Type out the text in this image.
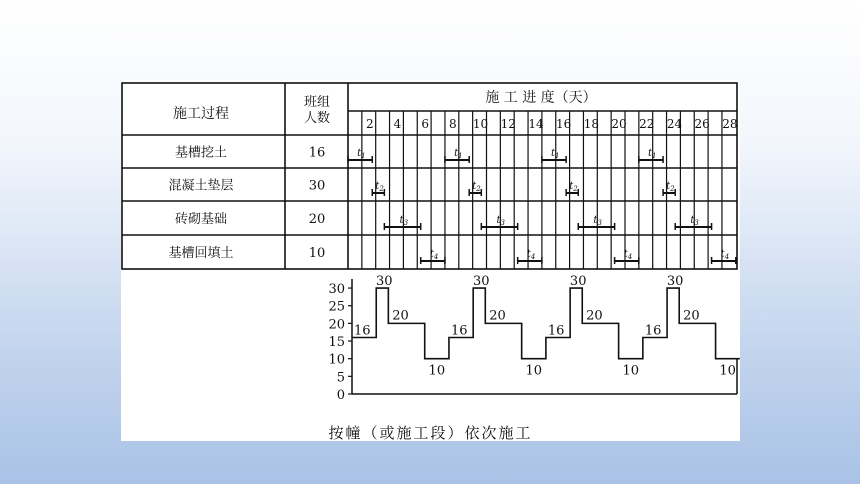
施工过程
班组
人数
施 工 进 度（天）
2 4 6 8 10 12 14 16 18 20 22 24 26 28
基槽挖土	16
混凝土垫层	30
砖砌基础	20
基槽回填土	10
$t_1$	$t_1$	$t_1$	$t_1$
$t_2$	$t_2$	$t_2$	$t_2$
$t_3$	$t_3$	$t_3$	$t_3$
$t_4$	$t_4$	$t_4$	$t_4$
0
5
10
15
20
25
30
16
30
20
10
16
30
20
10
16
30
20
10
16
30
20
10
按幢（或施工段）依次施工
